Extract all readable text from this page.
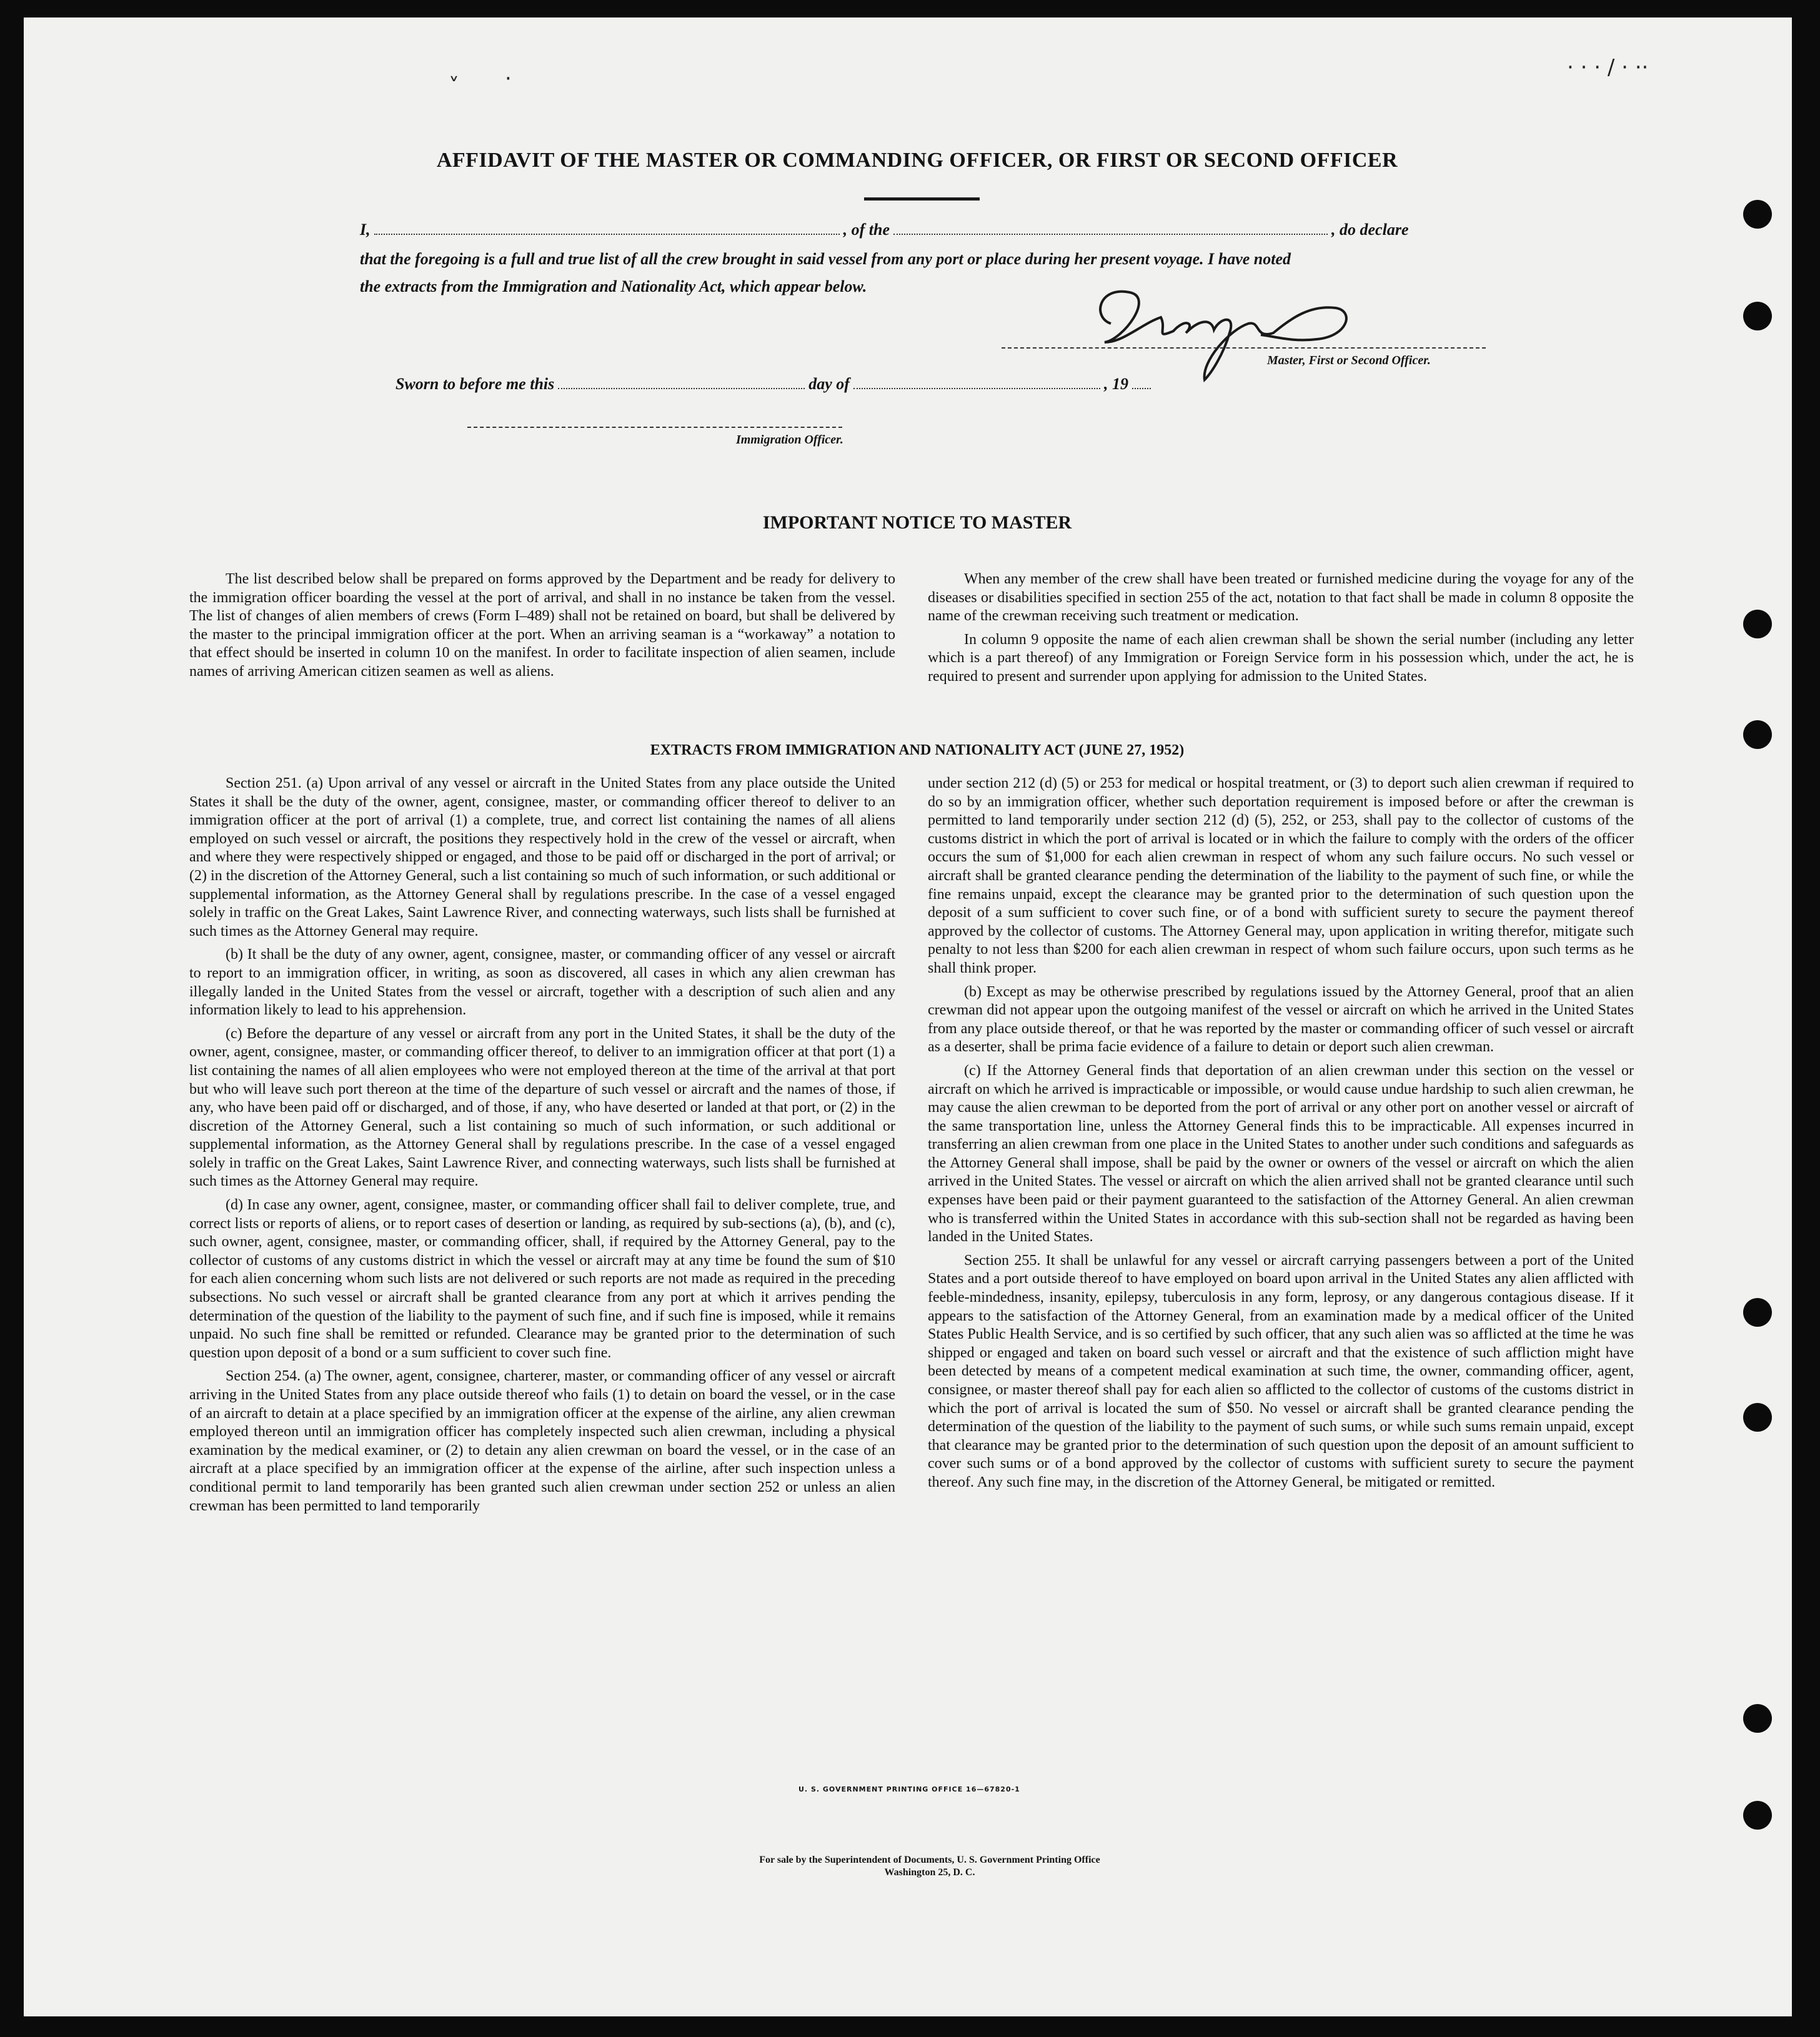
˅ ·	· · · / · ··
AFFIDAVIT OF THE MASTER OR COMMANDING OFFICER, OR FIRST OR SECOND OFFICER
I,	, of the	, do declare
that the foregoing is a full and true list of all the crew brought in said vessel from any port or place during her present voyage. I have noted
the extracts from the Immigration and Nationality Act, which appear below.
Master, First or Second Officer.
Sworn to before me this	day of	, 19
Immigration Officer.
IMPORTANT NOTICE TO MASTER

The list described below shall be prepared on forms approved by the Department and be ready for delivery to the immigration officer boarding the vessel at the port of arrival, and shall in no instance be taken from the vessel. The list of changes of alien members of crews (Form I–489) shall not be retained on board, but shall be delivered by the master to the principal immigration officer at the port. When an arriving seaman is a “workaway” a notation to that effect should be inserted in column 10 on the manifest. In order to facilitate inspection of alien seamen, include names of arriving American citizen seamen as well as aliens.

When any member of the crew shall have been treated or furnished medicine during the voyage for any of the diseases or disabilities specified in section 255 of the act, notation to that fact shall be made in column 8 opposite the name of the crewman receiving such treatment or medication.

In column 9 opposite the name of each alien crewman shall be shown the serial number (including any letter which is a part thereof) of any Immigration or Foreign Service form in his possession which, under the act, he is required to present and surrender upon applying for admission to the United States.

EXTRACTS FROM IMMIGRATION AND NATIONALITY ACT (JUNE 27, 1952)

Section 251. (a) Upon arrival of any vessel or aircraft in the United States from any place outside the United States it shall be the duty of the owner, agent, consignee, master, or commanding officer thereof to deliver to an immigration officer at the port of arrival (1) a complete, true, and correct list containing the names of all aliens employed on such vessel or aircraft, the positions they respectively hold in the crew of the vessel or aircraft, when and where they were respectively shipped or engaged, and those to be paid off or discharged in the port of arrival; or (2) in the discretion of the Attorney General, such a list containing so much of such information, or such additional or supplemental information, as the Attorney General shall by regulations prescribe. In the case of a vessel engaged solely in traffic on the Great Lakes, Saint Lawrence River, and connecting waterways, such lists shall be furnished at such times as the Attorney General may require.

(b) It shall be the duty of any owner, agent, consignee, master, or commanding officer of any vessel or aircraft to report to an immigration officer, in writing, as soon as discovered, all cases in which any alien crewman has illegally landed in the United States from the vessel or aircraft, together with a description of such alien and any information likely to lead to his apprehension.

(c) Before the departure of any vessel or aircraft from any port in the United States, it shall be the duty of the owner, agent, consignee, master, or commanding officer thereof, to deliver to an immigration officer at that port (1) a list containing the names of all alien employees who were not employed thereon at the time of the arrival at that port but who will leave such port thereon at the time of the departure of such vessel or aircraft and the names of those, if any, who have been paid off or discharged, and of those, if any, who have deserted or landed at that port, or (2) in the discretion of the Attorney General, such a list containing so much of such information, or such additional or supplemental information, as the Attorney General shall by regulations prescribe. In the case of a vessel engaged solely in traffic on the Great Lakes, Saint Lawrence River, and connecting waterways, such lists shall be furnished at such times as the Attorney General may require.

(d) In case any owner, agent, consignee, master, or commanding officer shall fail to deliver complete, true, and correct lists or reports of aliens, or to report cases of desertion or landing, as required by sub-sections (a), (b), and (c), such owner, agent, consignee, master, or commanding officer, shall, if required by the Attorney General, pay to the collector of customs of any customs district in which the vessel or aircraft may at any time be found the sum of $10 for each alien concerning whom such lists are not delivered or such reports are not made as required in the preceding subsections. No such vessel or aircraft shall be granted clearance from any port at which it arrives pending the determination of the question of the liability to the payment of such fine, and if such fine is imposed, while it remains unpaid. No such fine shall be remitted or refunded. Clearance may be granted prior to the determination of such question upon deposit of a bond or a sum sufficient to cover such fine.

Section 254. (a) The owner, agent, consignee, charterer, master, or commanding officer of any vessel or aircraft arriving in the United States from any place outside thereof who fails (1) to detain on board the vessel, or in the case of an aircraft to detain at a place specified by an immigration officer at the expense of the airline, any alien crewman employed thereon until an immigration officer has completely inspected such alien crewman, including a physical examination by the medical examiner, or (2) to detain any alien crewman on board the vessel, or in the case of an aircraft at a place specified by an immigration officer at the expense of the airline, after such inspection unless a conditional permit to land temporarily has been granted such alien crewman under section 252 or unless an alien crewman has been permitted to land temporarily

under section 212 (d) (5) or 253 for medical or hospital treatment, or (3) to deport such alien crewman if required to do so by an immigration officer, whether such deportation requirement is imposed before or after the crewman is permitted to land temporarily under section 212 (d) (5), 252, or 253, shall pay to the collector of customs of the customs district in which the port of arrival is located or in which the failure to comply with the orders of the officer occurs the sum of $1,000 for each alien crewman in respect of whom any such failure occurs. No such vessel or aircraft shall be granted clearance pending the determination of the liability to the payment of such fine, or while the fine remains unpaid, except the clearance may be granted prior to the determination of such question upon the deposit of a sum sufficient to cover such fine, or of a bond with sufficient surety to secure the payment thereof approved by the collector of customs. The Attorney General may, upon application in writing therefor, mitigate such penalty to not less than $200 for each alien crewman in respect of whom such failure occurs, upon such terms as he shall think proper.

(b) Except as may be otherwise prescribed by regulations issued by the Attorney General, proof that an alien crewman did not appear upon the outgoing manifest of the vessel or aircraft on which he arrived in the United States from any place outside thereof, or that he was reported by the master or commanding officer of such vessel or aircraft as a deserter, shall be prima facie evidence of a failure to detain or deport such alien crewman.

(c) If the Attorney General finds that deportation of an alien crewman under this section on the vessel or aircraft on which he arrived is impracticable or impossible, or would cause undue hardship to such alien crewman, he may cause the alien crewman to be deported from the port of arrival or any other port on another vessel or aircraft of the same transportation line, unless the Attorney General finds this to be impracticable. All expenses incurred in transferring an alien crewman from one place in the United States to another under such conditions and safeguards as the Attorney General shall impose, shall be paid by the owner or owners of the vessel or aircraft on which the alien arrived in the United States. The vessel or aircraft on which the alien arrived shall not be granted clearance until such expenses have been paid or their payment guaranteed to the satisfaction of the Attorney General. An alien crewman who is transferred within the United States in accordance with this sub-section shall not be regarded as having been landed in the United States.

Section 255. It shall be unlawful for any vessel or aircraft carrying passengers between a port of the United States and a port outside thereof to have employed on board upon arrival in the United States any alien afflicted with feeble-mindedness, insanity, epilepsy, tuberculosis in any form, leprosy, or any dangerous contagious disease. If it appears to the satisfaction of the Attorney General, from an examination made by a medical officer of the United States Public Health Service, and is so certified by such officer, that any such alien was so afflicted at the time he was shipped or engaged and taken on board such vessel or aircraft and that the existence of such affliction might have been detected by means of a competent medical examination at such time, the owner, commanding officer, agent, consignee, or master thereof shall pay for each alien so afflicted to the collector of customs of the customs district in which the port of arrival is located the sum of $50. No vessel or aircraft shall be granted clearance pending the determination of the question of the liability to the payment of such sums, or while such sums remain unpaid, except that clearance may be granted prior to the determination of such question upon the deposit of an amount sufficient to cover such sums or of a bond approved by the collector of customs with sufficient surety to secure the payment thereof. Any such fine may, in the discretion of the Attorney General, be mitigated or remitted.

U. S. GOVERNMENT PRINTING OFFICE 16—67820-1
For sale by the Superintendent of Documents, U. S. Government Printing Office
Washington 25, D. C.
